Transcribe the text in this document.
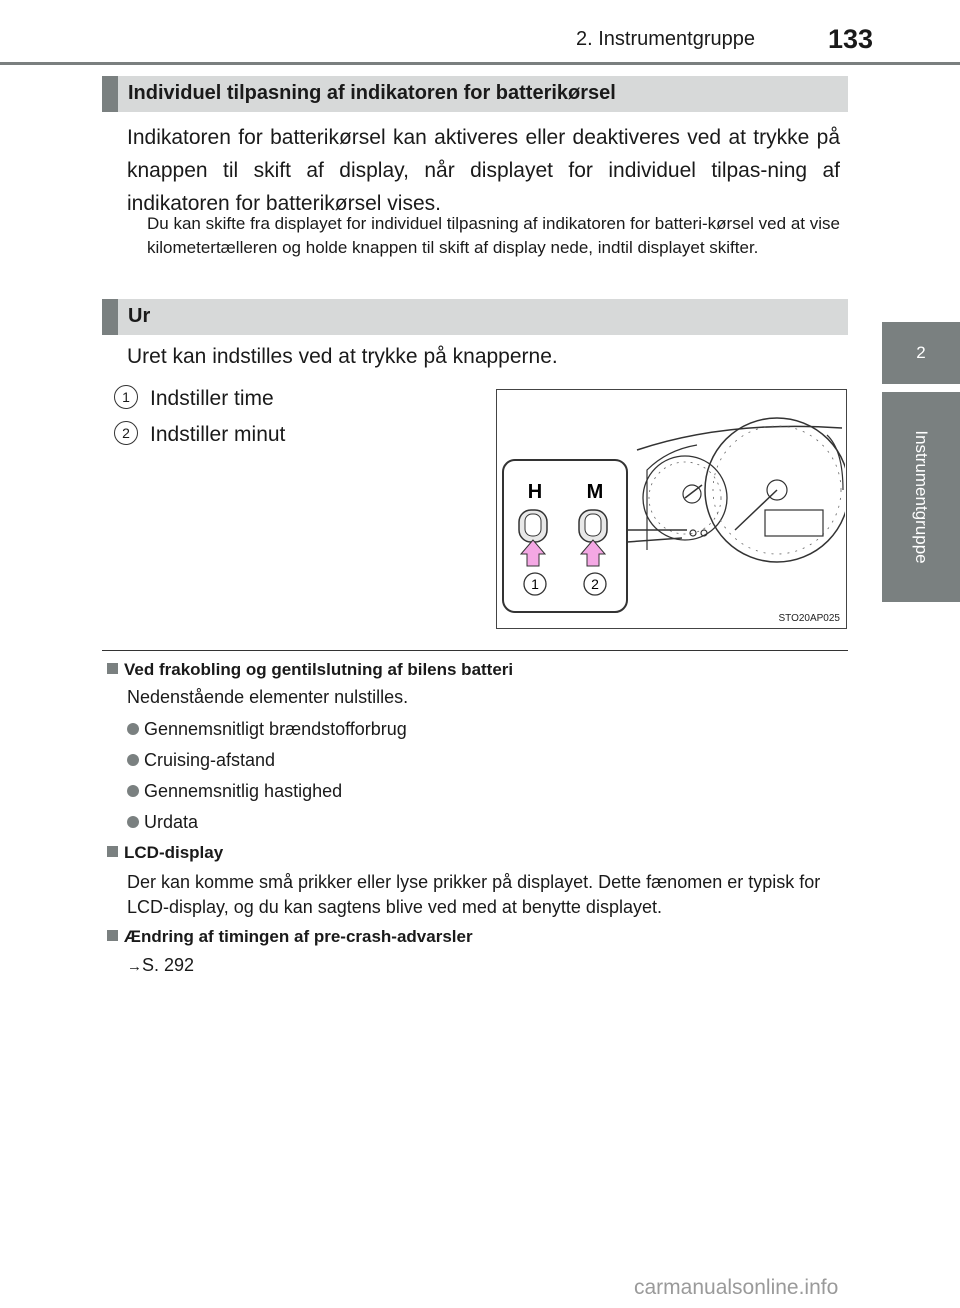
2. Instrumentgruppe	133
2
Instrumentgruppe
Individuel tilpasning af indikatoren for batterikørsel
Indikatoren for batterikørsel kan aktiveres eller deaktiveres ved at trykke på knappen til skift af display, når displayet for individuel tilpas-ning af indikatoren for batterikørsel vises.
Du kan skifte fra displayet for individuel tilpasning af indikatoren for batteri-kørsel ved at vise kilometertælleren og holde knappen til skift af display nede, indtil displayet skifter.
Ur
Uret kan indstilles ved at trykke på knapperne.
1 Indstiller time
2 Indstiller minut
H M
1	2
STO20AP025
Ved frakobling og gentilslutning af bilens batteri
Nedenstående elementer nulstilles.
Gennemsnitligt brændstofforbrug
Cruising-afstand
Gennemsnitlig hastighed
Urdata
LCD-display
Der kan komme små prikker eller lyse prikker på displayet. Dette fænomen er typisk for LCD-display, og du kan sagtens blive ved med at benytte displayet.
Ændring af timingen af pre-crash-advarsler
→S. 292
carmanualsonline.info
